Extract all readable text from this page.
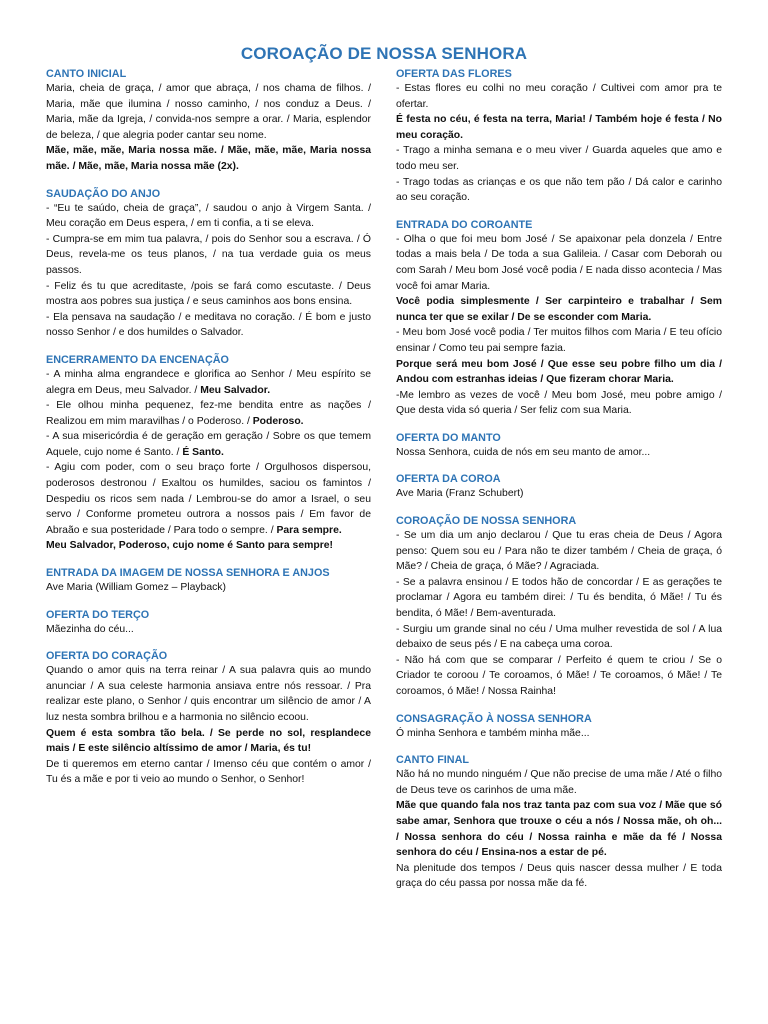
COROAÇÃO DE NOSSA SENHORA
CANTO INICIAL
Maria, cheia de graça, / amor que abraça, / nos chama de filhos. / Maria, mãe que ilumina / nosso caminho, / nos conduz a Deus. / Maria, mãe da Igreja, / convida-nos sempre a orar. / Maria, esplendor de beleza, / que alegria poder cantar seu nome.
Mãe, mãe, mãe, Maria nossa mãe. / Mãe, mãe, mãe, Maria nossa mãe. / Mãe, mãe, Maria nossa mãe (2x).
SAUDAÇÃO DO ANJO
- “Eu te saúdo, cheia de graça”, / saudou o anjo à Virgem Santa. / Meu coração em Deus espera, / em ti confia, a ti se eleva.
- Cumpra-se em mim tua palavra, / pois do Senhor sou a escrava. / Ó Deus, revela-me os teus planos, / na tua verdade guia os meus passos.
- Feliz és tu que acreditaste, /pois se fará como escutaste. / Deus mostra aos pobres sua justiça / e seus caminhos aos bons ensina.
- Ela pensava na saudação / e meditava no coração. / É bom e justo nosso Senhor / e dos humildes o Salvador.
ENCERRAMENTO DA ENCENAÇÃO
- A minha alma engrandece e glorifica ao Senhor / Meu espírito se alegra em Deus, meu Salvador. / Meu Salvador.
- Ele olhou minha pequenez, fez-me bendita entre as nações / Realizou em mim maravilhas / o Poderoso. / Poderoso.
- A sua misericórdia é de geração em geração / Sobre os que temem Aquele, cujo nome é Santo. / É Santo.
- Agiu com poder, com o seu braço forte / Orgulhosos dispersou, poderosos destronou / Exaltou os humildes, saciou os famintos / Despediu os ricos sem nada / Lembrou-se do amor a Israel, o seu servo / Conforme prometeu outrora a nossos pais / Em favor de Abraão e sua posteridade / Para todo o sempre. / Para sempre.
Meu Salvador, Poderoso, cujo nome é Santo para sempre!
ENTRADA DA IMAGEM DE NOSSA SENHORA E ANJOS
Ave Maria (William Gomez – Playback)
OFERTA DO TERÇO
Mãezinha do céu...
OFERTA DO CORAÇÃO
Quando o amor quis na terra reinar / A sua palavra quis ao mundo anunciar / A sua celeste harmonia ansiava entre nós ressoar. / Pra realizar este plano, o Senhor / quis encontrar um silêncio de amor / A luz nesta sombra brilhou e a harmonia no silêncio ecoou.
Quem é esta sombra tão bela. / Se perde no sol, resplandece mais / E este silêncio altíssimo de amor / Maria, és tu!
De ti queremos em eterno cantar / Imenso céu que contém o amor / Tu és a mãe e por ti veio ao mundo o Senhor, o Senhor!
OFERTA DAS FLORES
- Estas flores eu colhi no meu coração / Cultivei com amor pra te ofertar.
É festa no céu, é festa na terra, Maria! / Também hoje é festa / No meu coração.
- Trago a minha semana e o meu viver / Guarda aqueles que amo e todo meu ser.
- Trago todas as crianças e os que não tem pão / Dá calor e carinho ao seu coração.
ENTRADA DO COROANTE
- Olha o que foi meu bom José / Se apaixonar pela donzela / Entre todas a mais bela / De toda a sua Galileia. / Casar com Deborah ou com Sarah / Meu bom José você podia / E nada disso acontecia / Mas você foi amar Maria.
Você podia simplesmente / Ser carpinteiro e trabalhar / Sem nunca ter que se exilar / De se esconder com Maria.
- Meu bom José você podia / Ter muitos filhos com Maria / E teu ofício ensinar / Como teu pai sempre fazia.
Porque será meu bom José / Que esse seu pobre filho um dia / Andou com estranhas ideias / Que fizeram chorar Maria.
-Me lembro as vezes de você / Meu bom José, meu pobre amigo / Que desta vida só queria / Ser feliz com sua Maria.
OFERTA DO MANTO
Nossa Senhora, cuida de nós em seu manto de amor...
OFERTA DA COROA
Ave Maria (Franz Schubert)
COROAÇÃO DE NOSSA SENHORA
- Se um dia um anjo declarou / Que tu eras cheia de Deus / Agora penso: Quem sou eu / Para não te dizer também / Cheia de graça, ó Mãe? / Cheia de graça, ó Mãe? / Agraciada.
- Se a palavra ensinou / E todos hão de concordar / E as gerações te proclamar / Agora eu também direi: / Tu és bendita, ó Mãe! / Tu és bendita, ó Mãe! / Bem-aventurada.
- Surgiu um grande sinal no céu / Uma mulher revestida de sol / A lua debaixo de seus pés / E na cabeça uma coroa.
- Não há com que se comparar / Perfeito é quem te criou / Se o Criador te coroou / Te coroamos, ó Mãe! / Te coroamos, ó Mãe! / Te coroamos, ó Mãe! / Nossa Rainha!
CONSAGRAÇÃO À NOSSA SENHORA
Ó minha Senhora e também minha mãe...
CANTO FINAL
Não há no mundo ninguém / Que não precise de uma mãe / Até o filho de Deus teve os carinhos de uma mãe.
Mãe que quando fala nos traz tanta paz com sua voz / Mãe que só sabe amar, Senhora que trouxe o céu a nós / Nossa mãe, oh oh... / Nossa senhora do céu / Nossa rainha e mãe da fé / Nossa senhora do céu / Ensina-nos a estar de pé.
Na plenitude dos tempos / Deus quis nascer dessa mulher / E toda graça do céu passa por nossa mãe da fé.
